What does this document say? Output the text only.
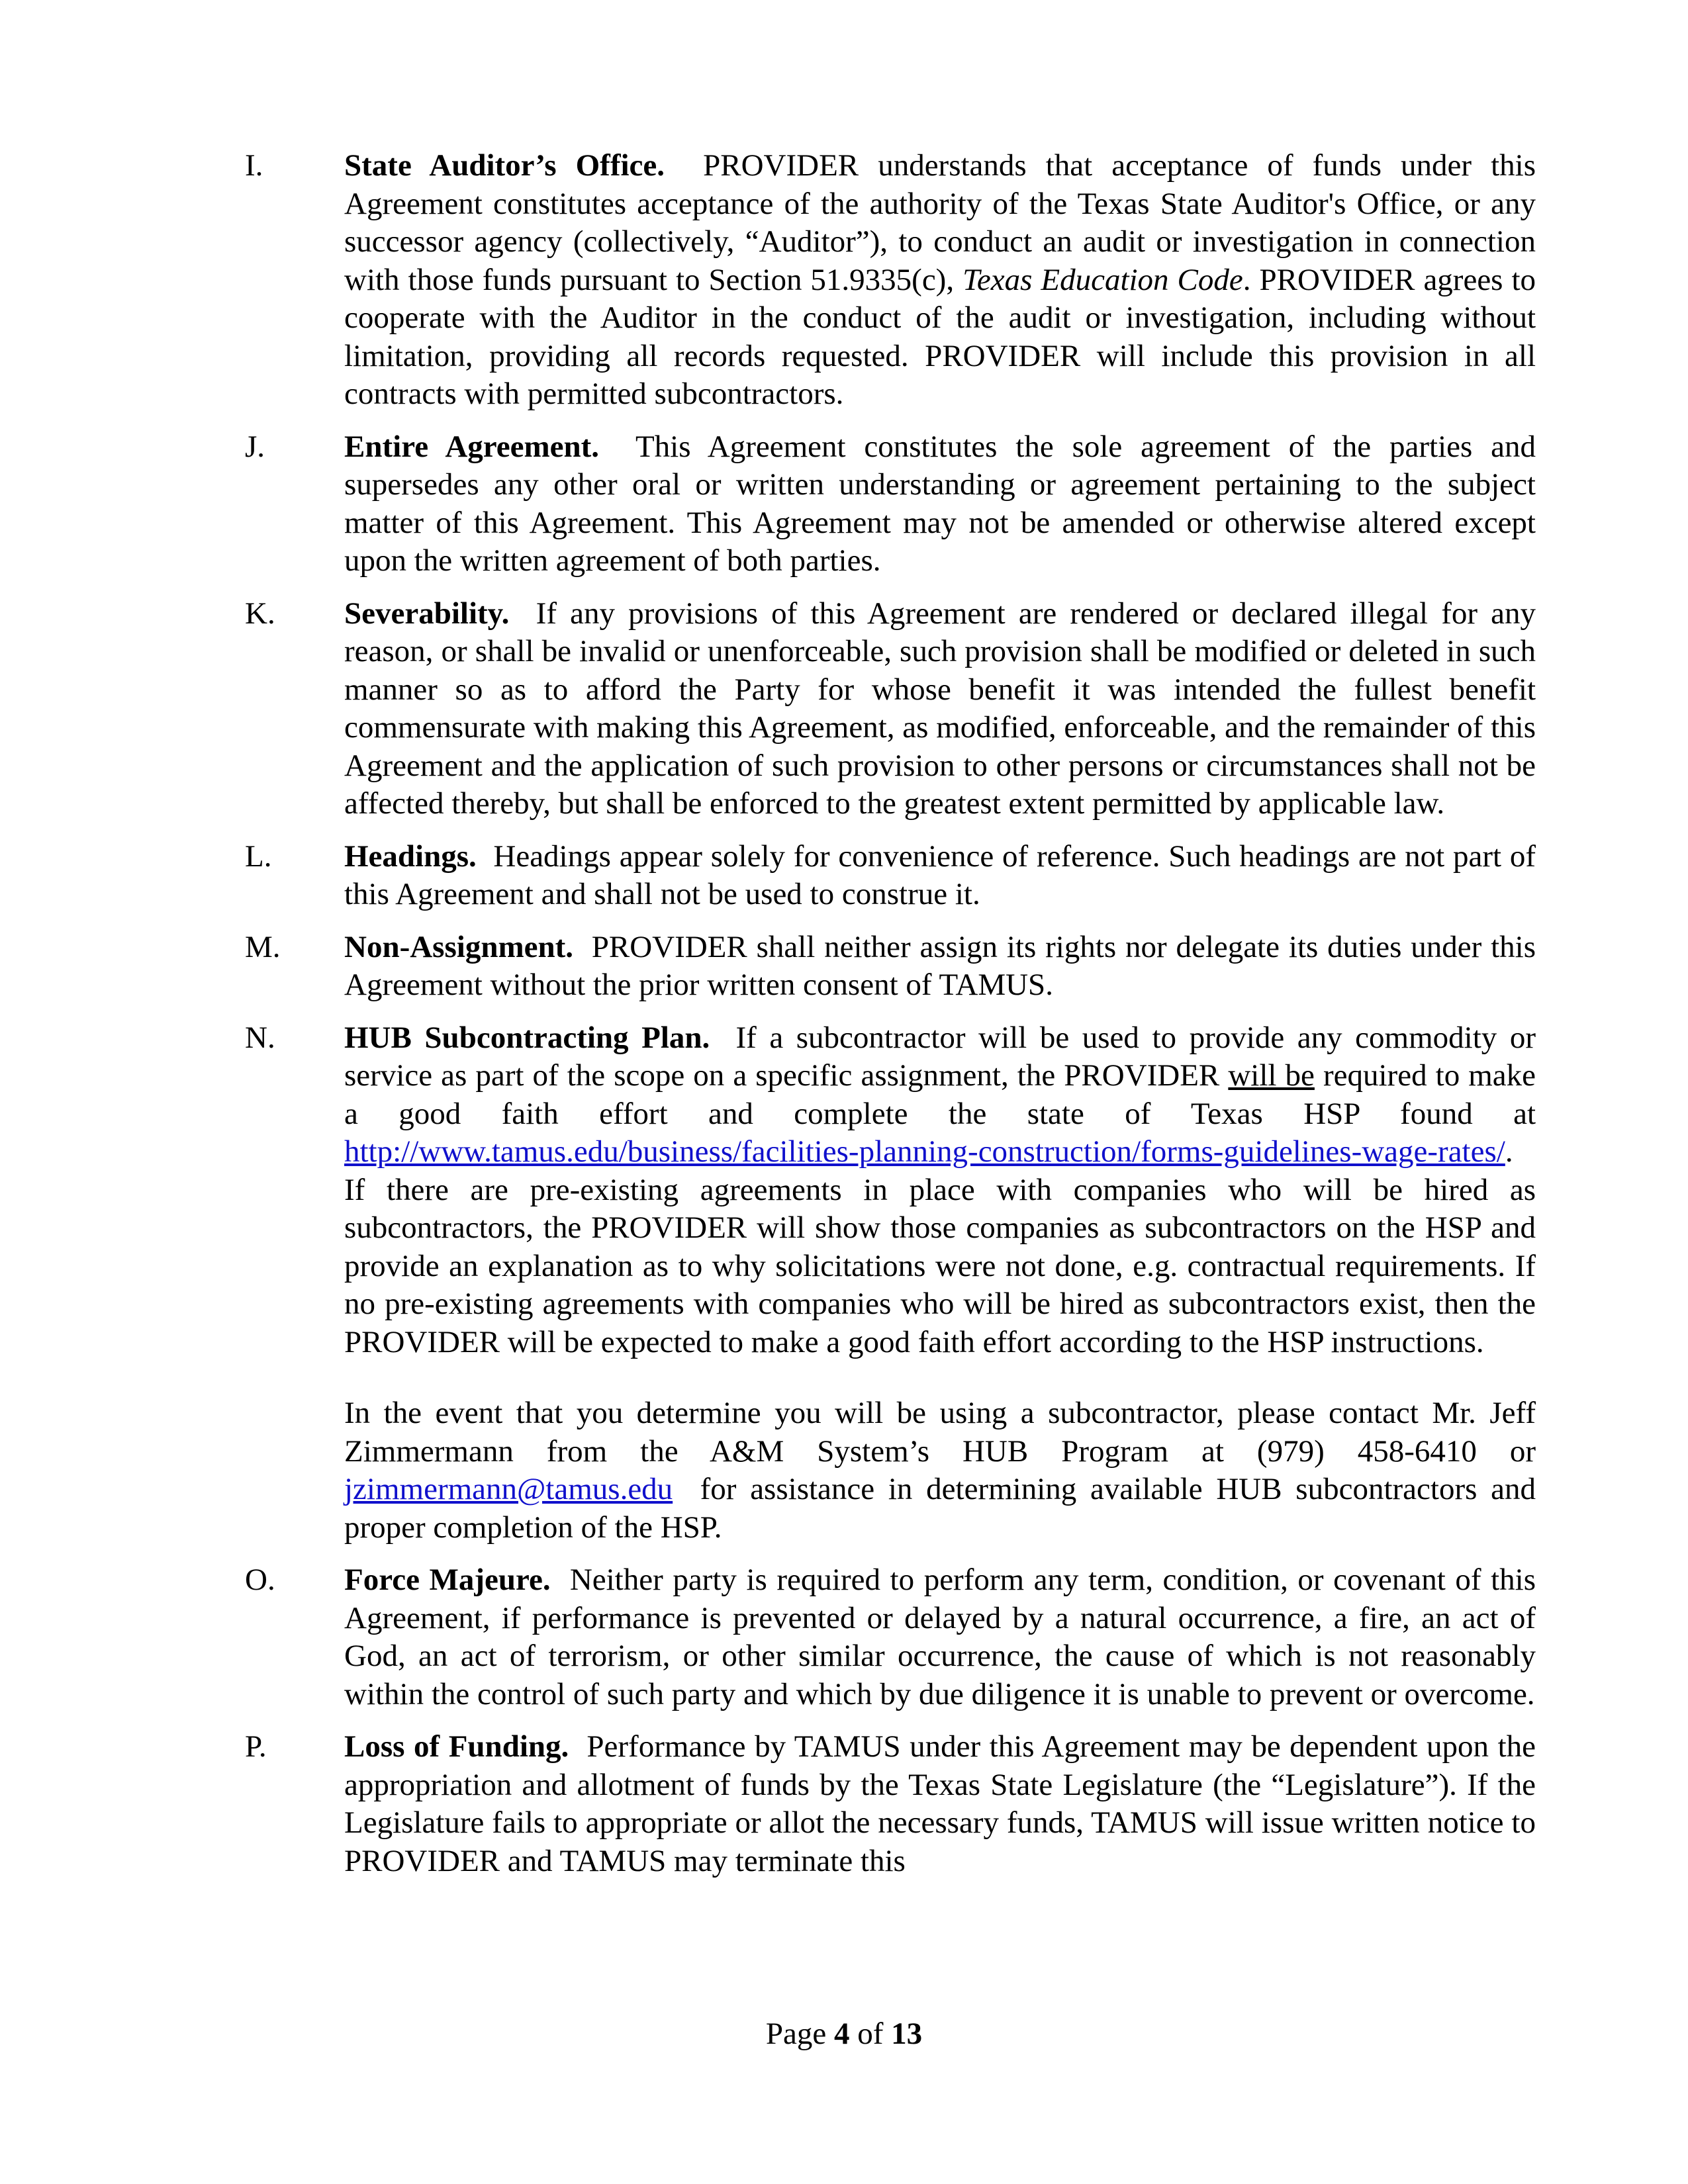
I.	State Auditor’s Office. PROVIDER understands that acceptance of funds under this Agreement constitutes acceptance of the authority of the Texas State Auditor's Office, or any successor agency (collectively, “Auditor”), to conduct an audit or investigation in connection with those funds pursuant to Section 51.9335(c), Texas Education Code. PROVIDER agrees to cooperate with the Auditor in the conduct of the audit or investigation, including without limitation, providing all records requested. PROVIDER will include this provision in all contracts with permitted subcontractors.

J.	Entire Agreement. This Agreement constitutes the sole agreement of the parties and supersedes any other oral or written understanding or agreement pertaining to the subject matter of this Agreement. This Agreement may not be amended or otherwise altered except upon the written agreement of both parties.

K. Severability. If any provisions of this Agreement are rendered or declared illegal for any reason, or shall be invalid or unenforceable, such provision shall be modified or deleted in such manner so as to afford the Party for whose benefit it was intended the fullest benefit commensurate with making this Agreement, as modified, enforceable, and the remainder of this Agreement and the application of such provision to other persons or circumstances shall not be affected thereby, but shall be enforced to the greatest extent permitted by applicable law.

L. Headings. Headings appear solely for convenience of reference. Such headings are not part of this Agreement and shall not be used to construe it.

M. Non-Assignment. PROVIDER shall neither assign its rights nor delegate its duties under this Agreement without the prior written consent of TAMUS.

N. HUB Subcontracting Plan. If a subcontractor will be used to provide any commodity or service as part of the scope on a specific assignment, the PROVIDER will be required to make a good faith effort and complete the state of Texas HSP found at http://www.tamus.edu/business/facilities-planning-construction/forms-guidelines-wage-rates/. If there are pre-existing agreements in place with companies who will be hired as subcontractors, the PROVIDER will show those companies as subcontractors on the HSP and provide an explanation as to why solicitations were not done, e.g. contractual requirements. If no pre-existing agreements with companies who will be hired as subcontractors exist, then the PROVIDER will be expected to make a good faith effort according to the HSP instructions.

In the event that you determine you will be using a subcontractor, please contact Mr. Jeff Zimmermann from the A&M System’s HUB Program at (979) 458-6410 or jzimmermann@tamus.edu for assistance in determining available HUB subcontractors and proper completion of the HSP.

O. Force Majeure. Neither party is required to perform any term, condition, or covenant of this Agreement, if performance is prevented or delayed by a natural occurrence, a fire, an act of God, an act of terrorism, or other similar occurrence, the cause of which is not reasonably within the control of such party and which by due diligence it is unable to prevent or overcome.

P. Loss of Funding. Performance by TAMUS under this Agreement may be dependent upon the appropriation and allotment of funds by the Texas State Legislature (the “Legislature”). If the Legislature fails to appropriate or allot the necessary funds, TAMUS will issue written notice to PROVIDER and TAMUS may terminate this

Page 4 of 13
